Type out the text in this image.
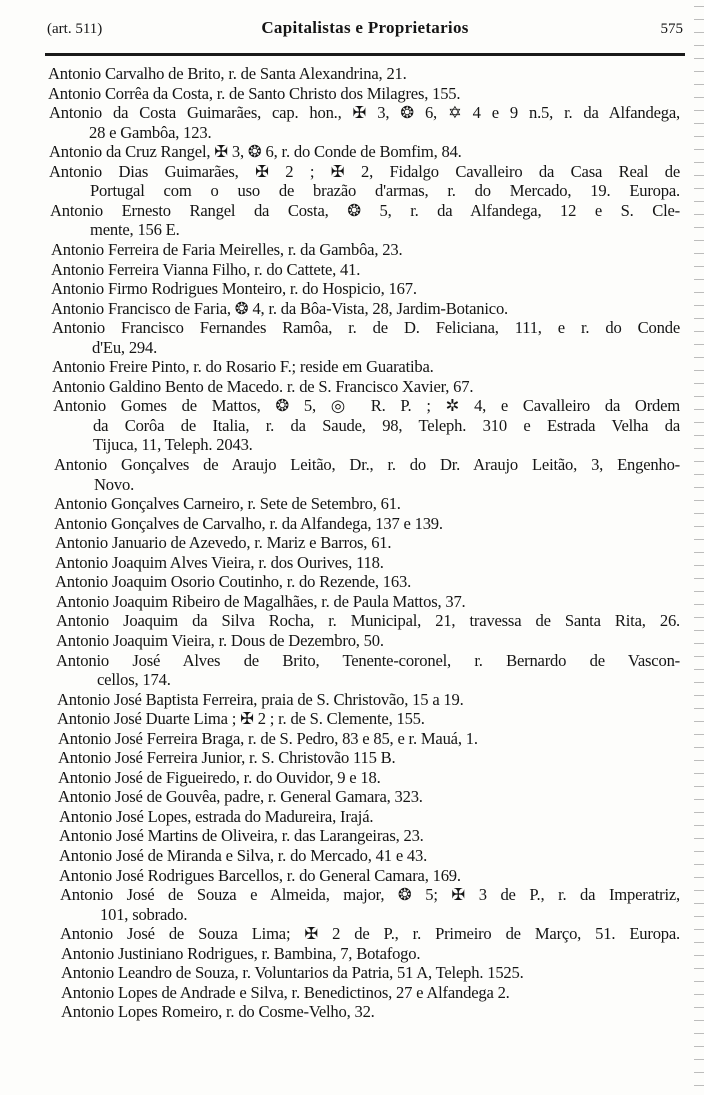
(art. 511)	Capitalistas e Proprietarios	575
Antonio Carvalho de Brito, r. de Santa Alexandrina, 21.
Antonio Corrêa da Costa, r. de Santo Christo dos Milagres, 155.
Antonio da Costa Guimarães, cap. hon., ✠ 3, ❂ 6, ✡ 4 e 9 n.5, r. da Alfandega,
28 e Gambôa, 123.
Antonio da Cruz Rangel, ✠ 3, ❂ 6, r. do Conde de Bomfim, 84.
Antonio Dias Guimarães, ✠ 2 ; ✠ 2, Fidalgo Cavalleiro da Casa Real de
Portugal com o uso de brazão d'armas, r. do Mercado, 19. Europa.
Antonio Ernesto Rangel da Costa, ❂ 5, r. da Alfandega, 12 e S. Cle-
mente, 156 E.
Antonio Ferreira de Faria Meirelles, r. da Gambôa, 23.
Antonio Ferreira Vianna Filho, r. do Cattete, 41.
Antonio Firmo Rodrigues Monteiro, r. do Hospicio, 167.
Antonio Francisco de Faria, ❂ 4, r. da Bôa-Vista, 28, Jardim-Botanico.
Antonio Francisco Fernandes Ramôa, r. de D. Feliciana, 111, e r. do Conde
d'Eu, 294.
Antonio Freire Pinto, r. do Rosario F.; reside em Guaratiba.
Antonio Galdino Bento de Macedo. r. de S. Francisco Xavier, 67.
Antonio Gomes de Mattos, ❂ 5, ◎ R. P. ; ✲ 4, e Cavalleiro da Ordem
da Corôa de Italia, r. da Saude, 98, Teleph. 310 e Estrada Velha da
Tijuca, 11, Teleph. 2043.
Antonio Gonçalves de Araujo Leitão, Dr., r. do Dr. Araujo Leitão, 3, Engenho-
Novo.
Antonio Gonçalves Carneiro, r. Sete de Setembro, 61.
Antonio Gonçalves de Carvalho, r. da Alfandega, 137 e 139.
Antonio Januario de Azevedo, r. Mariz e Barros, 61.
Antonio Joaquim Alves Vieira, r. dos Ourives, 118.
Antonio Joaquim Osorio Coutinho, r. do Rezende, 163.
Antonio Joaquim Ribeiro de Magalhães, r. de Paula Mattos, 37.
Antonio Joaquim da Silva Rocha, r. Municipal, 21, travessa de Santa Rita, 26.
Antonio Joaquim Vieira, r. Dous de Dezembro, 50.
Antonio José Alves de Brito, Tenente-coronel, r. Bernardo de Vascon-
cellos, 174.
Antonio José Baptista Ferreira, praia de S. Christovão, 15 a 19.
Antonio José Duarte Lima ; ✠ 2 ; r. de S. Clemente, 155.
Antonio José Ferreira Braga, r. de S. Pedro, 83 e 85, e r. Mauá, 1.
Antonio José Ferreira Junior, r. S. Christovão 115 B.
Antonio José de Figueiredo, r. do Ouvidor, 9 e 18.
Antonio José de Gouvêa, padre, r. General Gamara, 323.
Antonio José Lopes, estrada do Madureira, Irajá.
Antonio José Martins de Oliveira, r. das Larangeiras, 23.
Antonio José de Miranda e Silva, r. do Mercado, 41 e 43.
Antonio José Rodrigues Barcellos, r. do General Camara, 169.
Antonio José de Souza e Almeida, major, ❂ 5; ✠ 3 de P., r. da Imperatriz,
101, sobrado.
Antonio José de Souza Lima; ✠ 2 de P., r. Primeiro de Março, 51. Europa.
Antonio Justiniano Rodrigues, r. Bambina, 7, Botafogo.
Antonio Leandro de Souza, r. Voluntarios da Patria, 51 A, Teleph. 1525.
Antonio Lopes de Andrade e Silva, r. Benedictinos, 27 e Alfandega 2.
Antonio Lopes Romeiro, r. do Cosme-Velho, 32.
